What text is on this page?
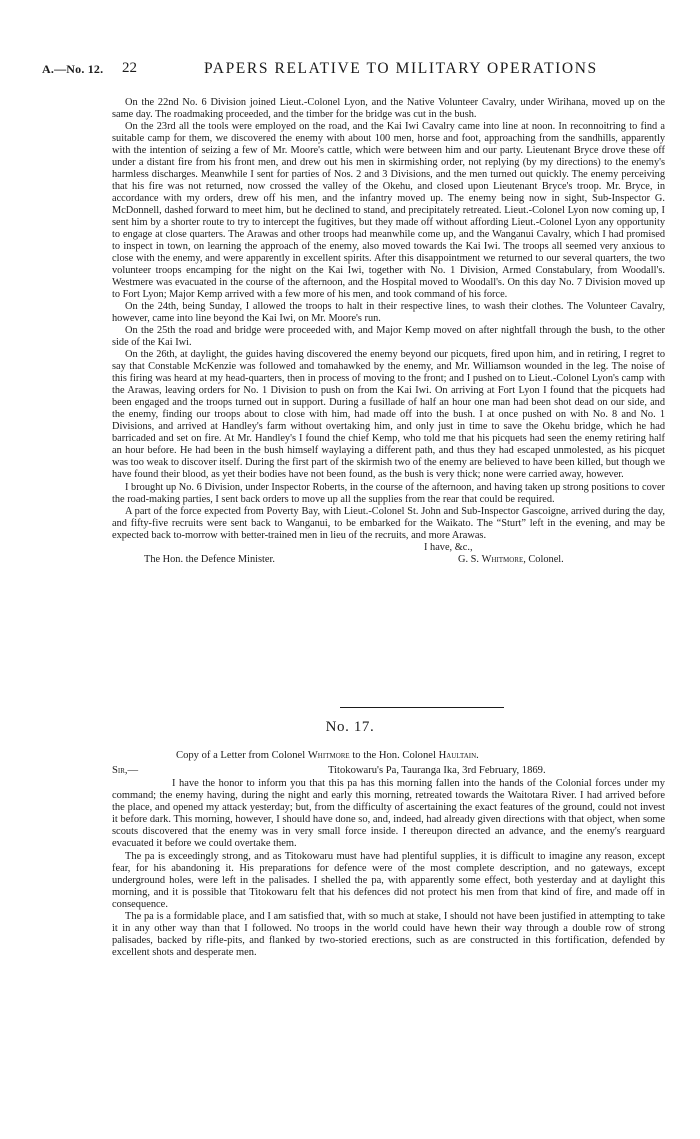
A.—No. 12. 22	PAPERS RELATIVE TO MILITARY OPERATIONS

On the 22nd No. 6 Division joined Lieut.-Colonel Lyon, and the Native Volunteer Cavalry, under Wirihana, moved up on the same day. The roadmaking proceeded, and the timber for the bridge was cut in the bush.

On the 23rd all the tools were employed on the road, and the Kai Iwi Cavalry came into line at noon. In reconnoitring to find a suitable camp for them, we discovered the enemy with about 100 men, horse and foot, approaching from the sandhills, apparently with the intention of seizing a few of Mr. Moore's cattle, which were between him and our party. Lieutenant Bryce drove these off under a distant fire from his front men, and drew out his men in skirmishing order, not replying (by my directions) to the enemy's harmless discharges. Meanwhile I sent for parties of Nos. 2 and 3 Divisions, and the men turned out quickly. The enemy perceiving that his fire was not returned, now crossed the valley of the Okehu, and closed upon Lieutenant Bryce's troop. Mr. Bryce, in accordance with my orders, drew off his men, and the infantry moved up. The enemy being now in sight, Sub-Inspector G. McDonnell, dashed forward to meet him, but he declined to stand, and precipitately retreated. Lieut.-Colonel Lyon now coming up, I sent him by a shorter route to try to intercept the fugitives, but they made off without affording Lieut.-Colonel Lyon any opportunity to engage at close quarters. The Arawas and other troops had meanwhile come up, and the Wanganui Cavalry, which I had promised to inspect in town, on learning the approach of the enemy, also moved towards the Kai Iwi. The troops all seemed very anxious to close with the enemy, and were apparently in excellent spirits. After this disappointment we returned to our several quarters, the two volunteer troops encamping for the night on the Kai Iwi, together with No. 1 Division, Armed Constabulary, from Woodall's. Westmere was evacuated in the course of the afternoon, and the Hospital moved to Woodall's. On this day No. 7 Division moved up to Fort Lyon; Major Kemp arrived with a few more of his men, and took command of his force.

On the 24th, being Sunday, I allowed the troops to halt in their respective lines, to wash their clothes. The Volunteer Cavalry, however, came into line beyond the Kai Iwi, on Mr. Moore's run.

On the 25th the road and bridge were proceeded with, and Major Kemp moved on after nightfall through the bush, to the other side of the Kai Iwi.

On the 26th, at daylight, the guides having discovered the enemy beyond our picquets, fired upon him, and in retiring, I regret to say that Constable McKenzie was followed and tomahawked by the enemy, and Mr. Williamson wounded in the leg. The noise of this firing was heard at my head-quarters, then in process of moving to the front; and I pushed on to Lieut.-Colonel Lyon's camp with the Arawas, leaving orders for No. 1 Division to push on from the Kai Iwi. On arriving at Fort Lyon I found that the picquets had been engaged and the troops turned out in support. During a fusillade of half an hour one man had been shot dead on our side, and the enemy, finding our troops about to close with him, had made off into the bush. I at once pushed on with No. 8 and No. 1 Divisions, and arrived at Handley's farm without overtaking him, and only just in time to save the Okehu bridge, which he had barricaded and set on fire. At Mr. Handley's I found the chief Kemp, who told me that his picquets had seen the enemy retiring half an hour before. He had been in the bush himself waylaying a different path, and thus they had escaped unmolested, as his picquet was too weak to discover itself. During the first part of the skirmish two of the enemy are believed to have been killed, but though we have found their blood, as yet their bodies have not been found, as the bush is very thick; none were carried away, however.

I brought up No. 6 Division, under Inspector Roberts, in the course of the afternoon, and having taken up strong positions to cover the road-making parties, I sent back orders to move up all the supplies from the rear that could be required.

A part of the force expected from Poverty Bay, with Lieut.-Colonel St. John and Sub-Inspector Gascoigne, arrived during the day, and fifty-five recruits were sent back to Wanganui, to be embarked for the Waikato. The “Sturt” left in the evening, and may be expected back to-morrow with better-trained men in lieu of the recruits, and more Arawas.

I have, &c.,
The Hon. the Defence Minister.	G. S. Whitmore, Colonel.
No. 17.
Copy of a Letter from Colonel Whitmore to the Hon. Colonel Haultain.
Sir,—	Titokowaru's Pa, Tauranga Ika, 3rd February, 1869.

I have the honor to inform you that this pa has this morning fallen into the hands of the Colonial forces under my command; the enemy having, during the night and early this morning, retreated towards the Waitotara River. I had arrived before the place, and opened my attack yesterday; but, from the difficulty of ascertaining the exact features of the ground, could not invest it before dark. This morning, however, I should have done so, and, indeed, had already given directions with that object, when some scouts discovered that the enemy was in very small force inside. I thereupon directed an advance, and the enemy's rearguard evacuated it before we could overtake them.

The pa is exceedingly strong, and as Titokowaru must have had plentiful supplies, it is difficult to imagine any reason, except fear, for his abandoning it. His preparations for defence were of the most complete description, and no gateways, except underground holes, were left in the palisades. I shelled the pa, with apparently some effect, both yesterday and at daylight this morning, and it is possible that Titokowaru felt that his defences did not protect his men from that kind of fire, and made off in consequence.

The pa is a formidable place, and I am satisfied that, with so much at stake, I should not have been justified in attempting to take it in any other way than that I followed. No troops in the world could have hewn their way through a double row of strong palisades, backed by rifle-pits, and flanked by two-storied erections, such as are constructed in this fortification, defended by excellent shots and desperate men.
